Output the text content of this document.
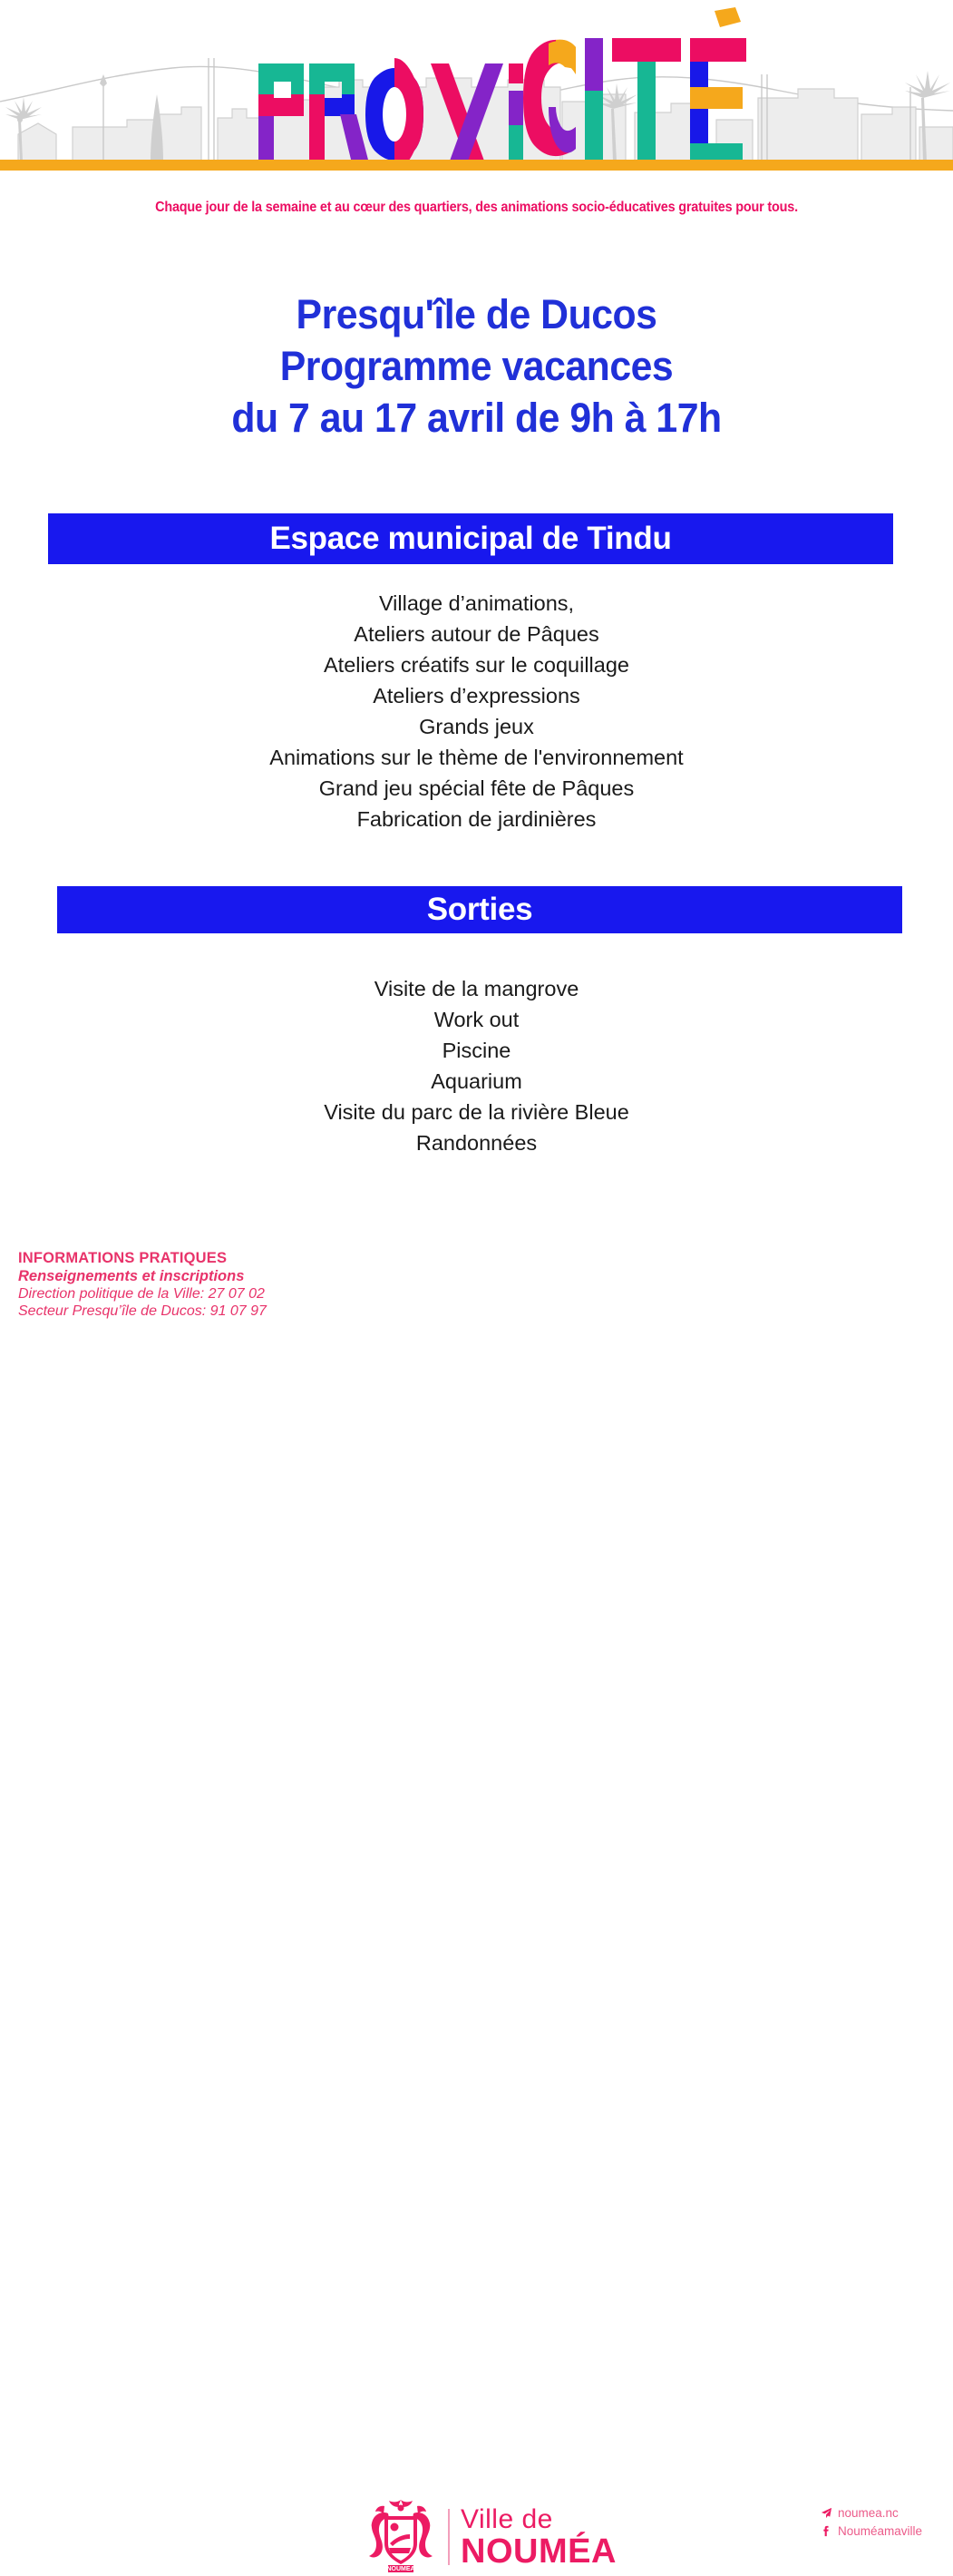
Chaque jour de la semaine et au cœur des quartiers, des animations socio-éducatives gratuites pour tous.
Presqu'île de Ducos
Programme vacances
du 7 au 17 avril de 9h à 17h
Espace municipal de Tindu
Village d’animations,
Ateliers autour de Pâques
Ateliers créatifs sur le coquillage
Ateliers d’expressions
Grands jeux
Animations sur le thème de l'environnement
Grand jeu spécial fête de Pâques
Fabrication de jardinières
Sorties
Visite de la mangrove
Work out
Piscine
Aquarium
Visite du parc de la rivière Bleue
Randonnées
INFORMATIONS PRATIQUES
Renseignements et inscriptions
Direction politique de la Ville: 27 07 02
Secteur Presqu’île de Ducos: 91 07 97
NOUMEA
Ville de
NOUMÉA
noumea.nc
Nouméamaville
